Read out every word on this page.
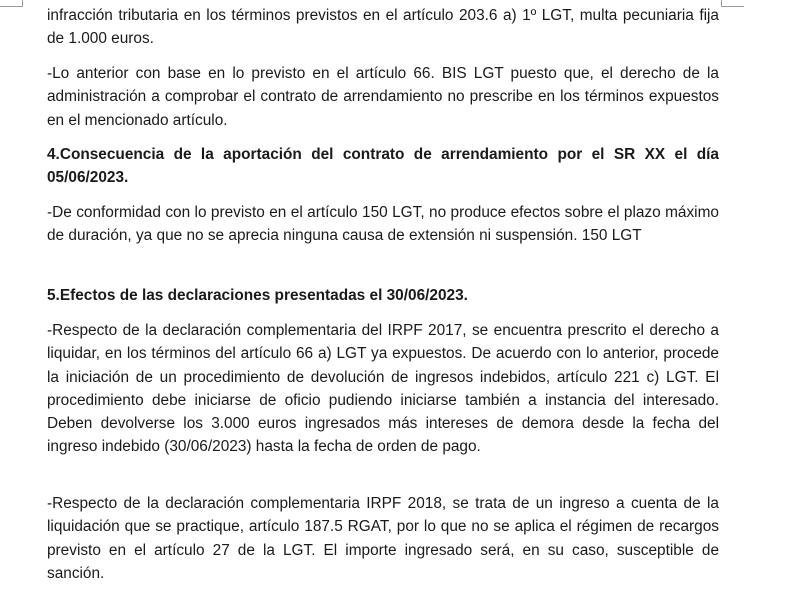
infracción tributaria en los términos previstos en el artículo 203.6 a) 1º LGT, multa pecuniaria fija de 1.000 euros.

-Lo anterior con base en lo previsto en el artículo 66. BIS LGT puesto que, el derecho de la administración a comprobar el contrato de arrendamiento no prescribe en los términos expuestos en el mencionado artículo.

4.Consecuencia de la aportación del contrato de arrendamiento por el SR XX el día 05/06/2023.

-De conformidad con lo previsto en el artículo 150 LGT, no produce efectos sobre el plazo máximo de duración, ya que no se aprecia ninguna causa de extensión ni suspensión. 150 LGT

5.Efectos de las declaraciones presentadas el 30/06/2023.

-Respecto de la declaración complementaria del IRPF 2017, se encuentra prescrito el derecho a liquidar, en los términos del artículo 66 a) LGT ya expuestos. De acuerdo con lo anterior, procede la iniciación de un procedimiento de devolución de ingresos indebidos, artículo 221 c) LGT. El procedimiento debe iniciarse de oficio pudiendo iniciarse también a instancia del interesado. Deben devolverse los 3.000 euros ingresados más intereses de demora desde la fecha del ingreso indebido (30/06/2023) hasta la fecha de orden de pago.

-Respecto de la declaración complementaria IRPF 2018, se trata de un ingreso a cuenta de la liquidación que se practique, artículo 187.5 RGAT, por lo que no se aplica el régimen de recargos previsto en el artículo 27 de la LGT. El importe ingresado será, en su caso, susceptible de sanción.
